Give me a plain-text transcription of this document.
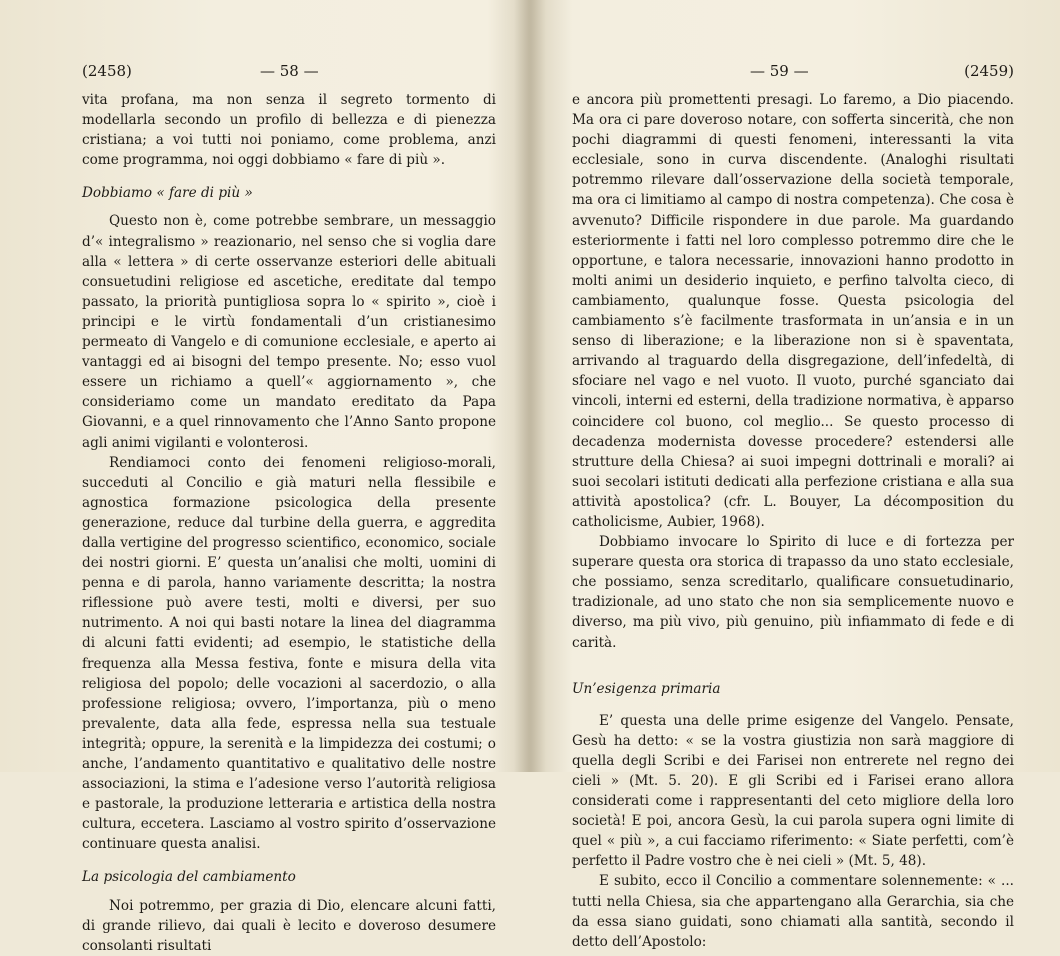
(2458)	— 58 —

vita profana, ma non senza il segreto tormento di modellarla secondo un profilo di bellezza e di pienezza cristiana; a voi tutti noi poniamo, come problema, anzi come programma, noi oggi dobbiamo « fare di più ».

Dobbiamo « fare di più »

Questo non è, come potrebbe sembrare, un messaggio d’« integralismo » reazionario, nel senso che si voglia dare alla « lettera » di certe osservanze esteriori delle abituali consuetudini religiose ed ascetiche, ereditate dal tempo passato, la priorità puntigliosa sopra lo « spirito », cioè i principi e le virtù fondamentali d’un cristianesimo permeato di Vangelo e di comunione ecclesiale, e aperto ai vantaggi ed ai bisogni del tempo presente. No; esso vuol essere un richiamo a quell’« aggiornamento », che consideriamo come un mandato ereditato da Papa Giovanni, e a quel rinnovamento che l’Anno Santo propone agli animi vigilanti e volonterosi.

Rendiamoci conto dei fenomeni religioso-morali, succeduti al Concilio e già maturi nella flessibile e agnostica formazione psicologica della presente generazione, reduce dal turbine della guerra, e aggredita dalla vertigine del progresso scientifico, economico, sociale dei nostri giorni. E’ questa un’analisi che molti, uomini di penna e di parola, hanno variamente descritta; la nostra riflessione può avere testi, molti e diversi, per suo nutrimento. A noi qui basti notare la linea del diagramma di alcuni fatti evidenti; ad esempio, le statistiche della frequenza alla Messa festiva, fonte e misura della vita religiosa del popolo; delle vocazioni al sacerdozio, o alla professione religiosa; ovvero, l’importanza, più o meno prevalente, data alla fede, espressa nella sua testuale integrità; oppure, la serenità e la limpidezza dei costumi; o anche, l’andamento quantitativo e qualitativo delle nostre associazioni, la stima e l’adesione verso l’autorità religiosa e pastorale, la produzione letteraria e artistica della nostra cultura, eccetera. Lasciamo al vostro spirito d’osservazione continuare questa analisi.

La psicologia del cambiamento

Noi potremmo, per grazia di Dio, elencare alcuni fatti, di grande rilievo, dai quali è lecito e doveroso desumere consolanti risultati

— 59 —	(2459)

e ancora più promettenti presagi. Lo faremo, a Dio piacendo. Ma ora ci pare doveroso notare, con sofferta sincerità, che non pochi diagrammi di questi fenomeni, interessanti la vita ecclesiale, sono in curva discendente. (Analoghi risultati potremmo rilevare dall’osservazione della società temporale, ma ora ci limitiamo al campo di nostra competenza). Che cosa è avvenuto? Difficile rispondere in due parole. Ma guardando esteriormente i fatti nel loro complesso potremmo dire che le opportune, e talora necessarie, innovazioni hanno prodotto in molti animi un desiderio inquieto, e perfino talvolta cieco, di cambiamento, qualunque fosse. Questa psicologia del cambiamento s’è facilmente trasformata in un’ansia e in un senso di liberazione; e la liberazione non si è spaventata, arrivando al traguardo della disgregazione, dell’infedeltà, di sfociare nel vago e nel vuoto. Il vuoto, purché sganciato dai vincoli, interni ed esterni, della tradizione normativa, è apparso coincidere col buono, col meglio... Se questo processo di decadenza modernista dovesse procedere? estendersi alle strutture della Chiesa? ai suoi impegni dottrinali e morali? ai suoi secolari istituti dedicati alla perfezione cristiana e alla sua attività apostolica? (cfr. L. Bouyer, La décomposition du catholicisme, Aubier, 1968).

Dobbiamo invocare lo Spirito di luce e di fortezza per superare questa ora storica di trapasso da uno stato ecclesiale, che possiamo, senza screditarlo, qualificare consuetudinario, tradizionale, ad uno stato che non sia semplicemente nuovo e diverso, ma più vivo, più genuino, più infiammato di fede e di carità.

Un’esigenza primaria

E’ questa una delle prime esigenze del Vangelo. Pensate, Gesù ha detto: « se la vostra giustizia non sarà maggiore di quella degli Scribi e dei Farisei non entrerete nel regno dei cieli » (Mt. 5. 20). E gli Scribi ed i Farisei erano allora considerati come i rappresentanti del ceto migliore della loro società! E poi, ancora Gesù, la cui parola supera ogni limite di quel « più », a cui facciamo riferimento: « Siate perfetti, com’è perfetto il Padre vostro che è nei cieli » (Mt. 5, 48).

E subito, ecco il Concilio a commentare solennemente: « ... tutti nella Chiesa, sia che appartengano alla Gerarchia, sia che da essa siano guidati, sono chiamati alla santità, secondo il detto dell’Apostolo:
